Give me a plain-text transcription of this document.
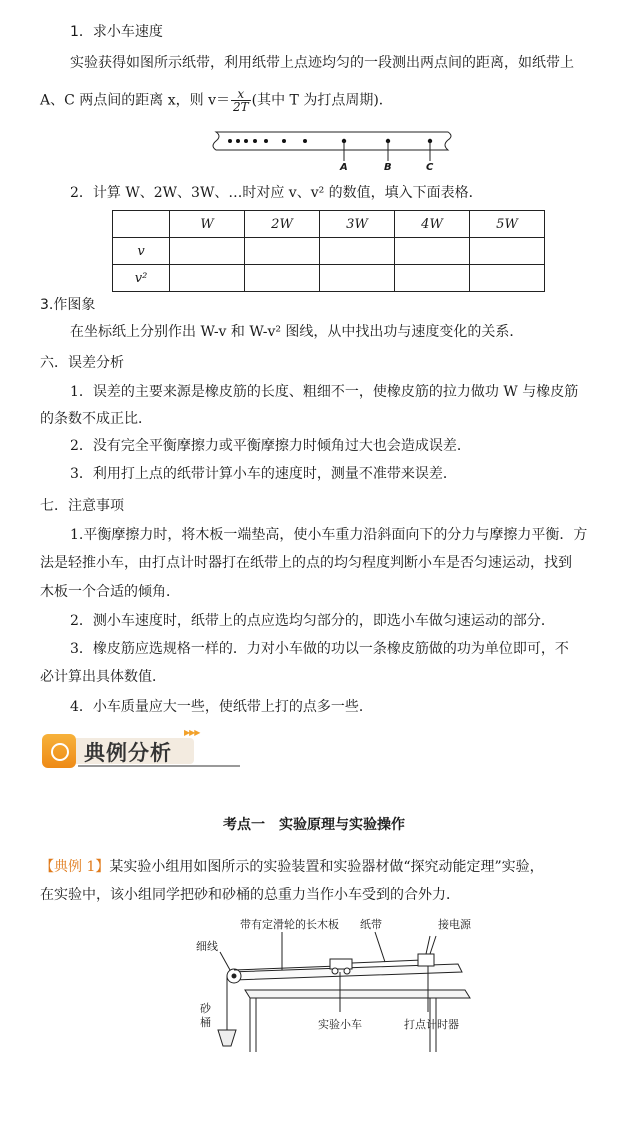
1．求小车速度
实验获得如图所示纸带，利用纸带上点迹均匀的一段测出两点间的距离，如纸带上
A、C 两点间的距离 x，则 $v= \frac{x}{2T}$ (其中 T 为打点周期)．
A	B	C
2．计算 W、2W、3W、…时对应 v、v² 的数值，填入下面表格．
	W	2W	3W	4W	5W
v					
v²					
3.作图象
在坐标纸上分别作出 W-v 和 W-v² 图线，从中找出功与速度变化的关系．
六．误差分析
1．误差的主要来源是橡皮筋的长度、粗细不一，使橡皮筋的拉力做功 W 与橡皮筋
的条数不成正比．
2．没有完全平衡摩擦力或平衡摩擦力时倾角过大也会造成误差．
3．利用打上点的纸带计算小车的速度时，测量不准带来误差．
七．注意事项
1.平衡摩擦力时，将木板一端垫高，使小车重力沿斜面向下的分力与摩擦力平衡．方
法是轻推小车，由打点计时器打在纸带上的点的均匀程度判断小车是否匀速运动，找到
木板一个合适的倾角．
2．测小车速度时，纸带上的点应选均匀部分的，即选小车做匀速运动的部分．
3．橡皮筋应选规格一样的．力对小车做的功以一条橡皮筋做的功为单位即可，不
必计算出具体数值．
4．小车质量应大一些，使纸带上打的点多一些．
典例分析
▶▶▶
考点一　实验原理与实验操作
【典例 1】某实验小组用如图所示的实验装置和实验器材做“探究动能定理”实验，
在实验中，该小组同学把砂和砂桶的总重力当作小车受到的合外力．
带有定滑轮的长木板 纸带	接电源
细线
砂
桶	实验小车	打点计时器
